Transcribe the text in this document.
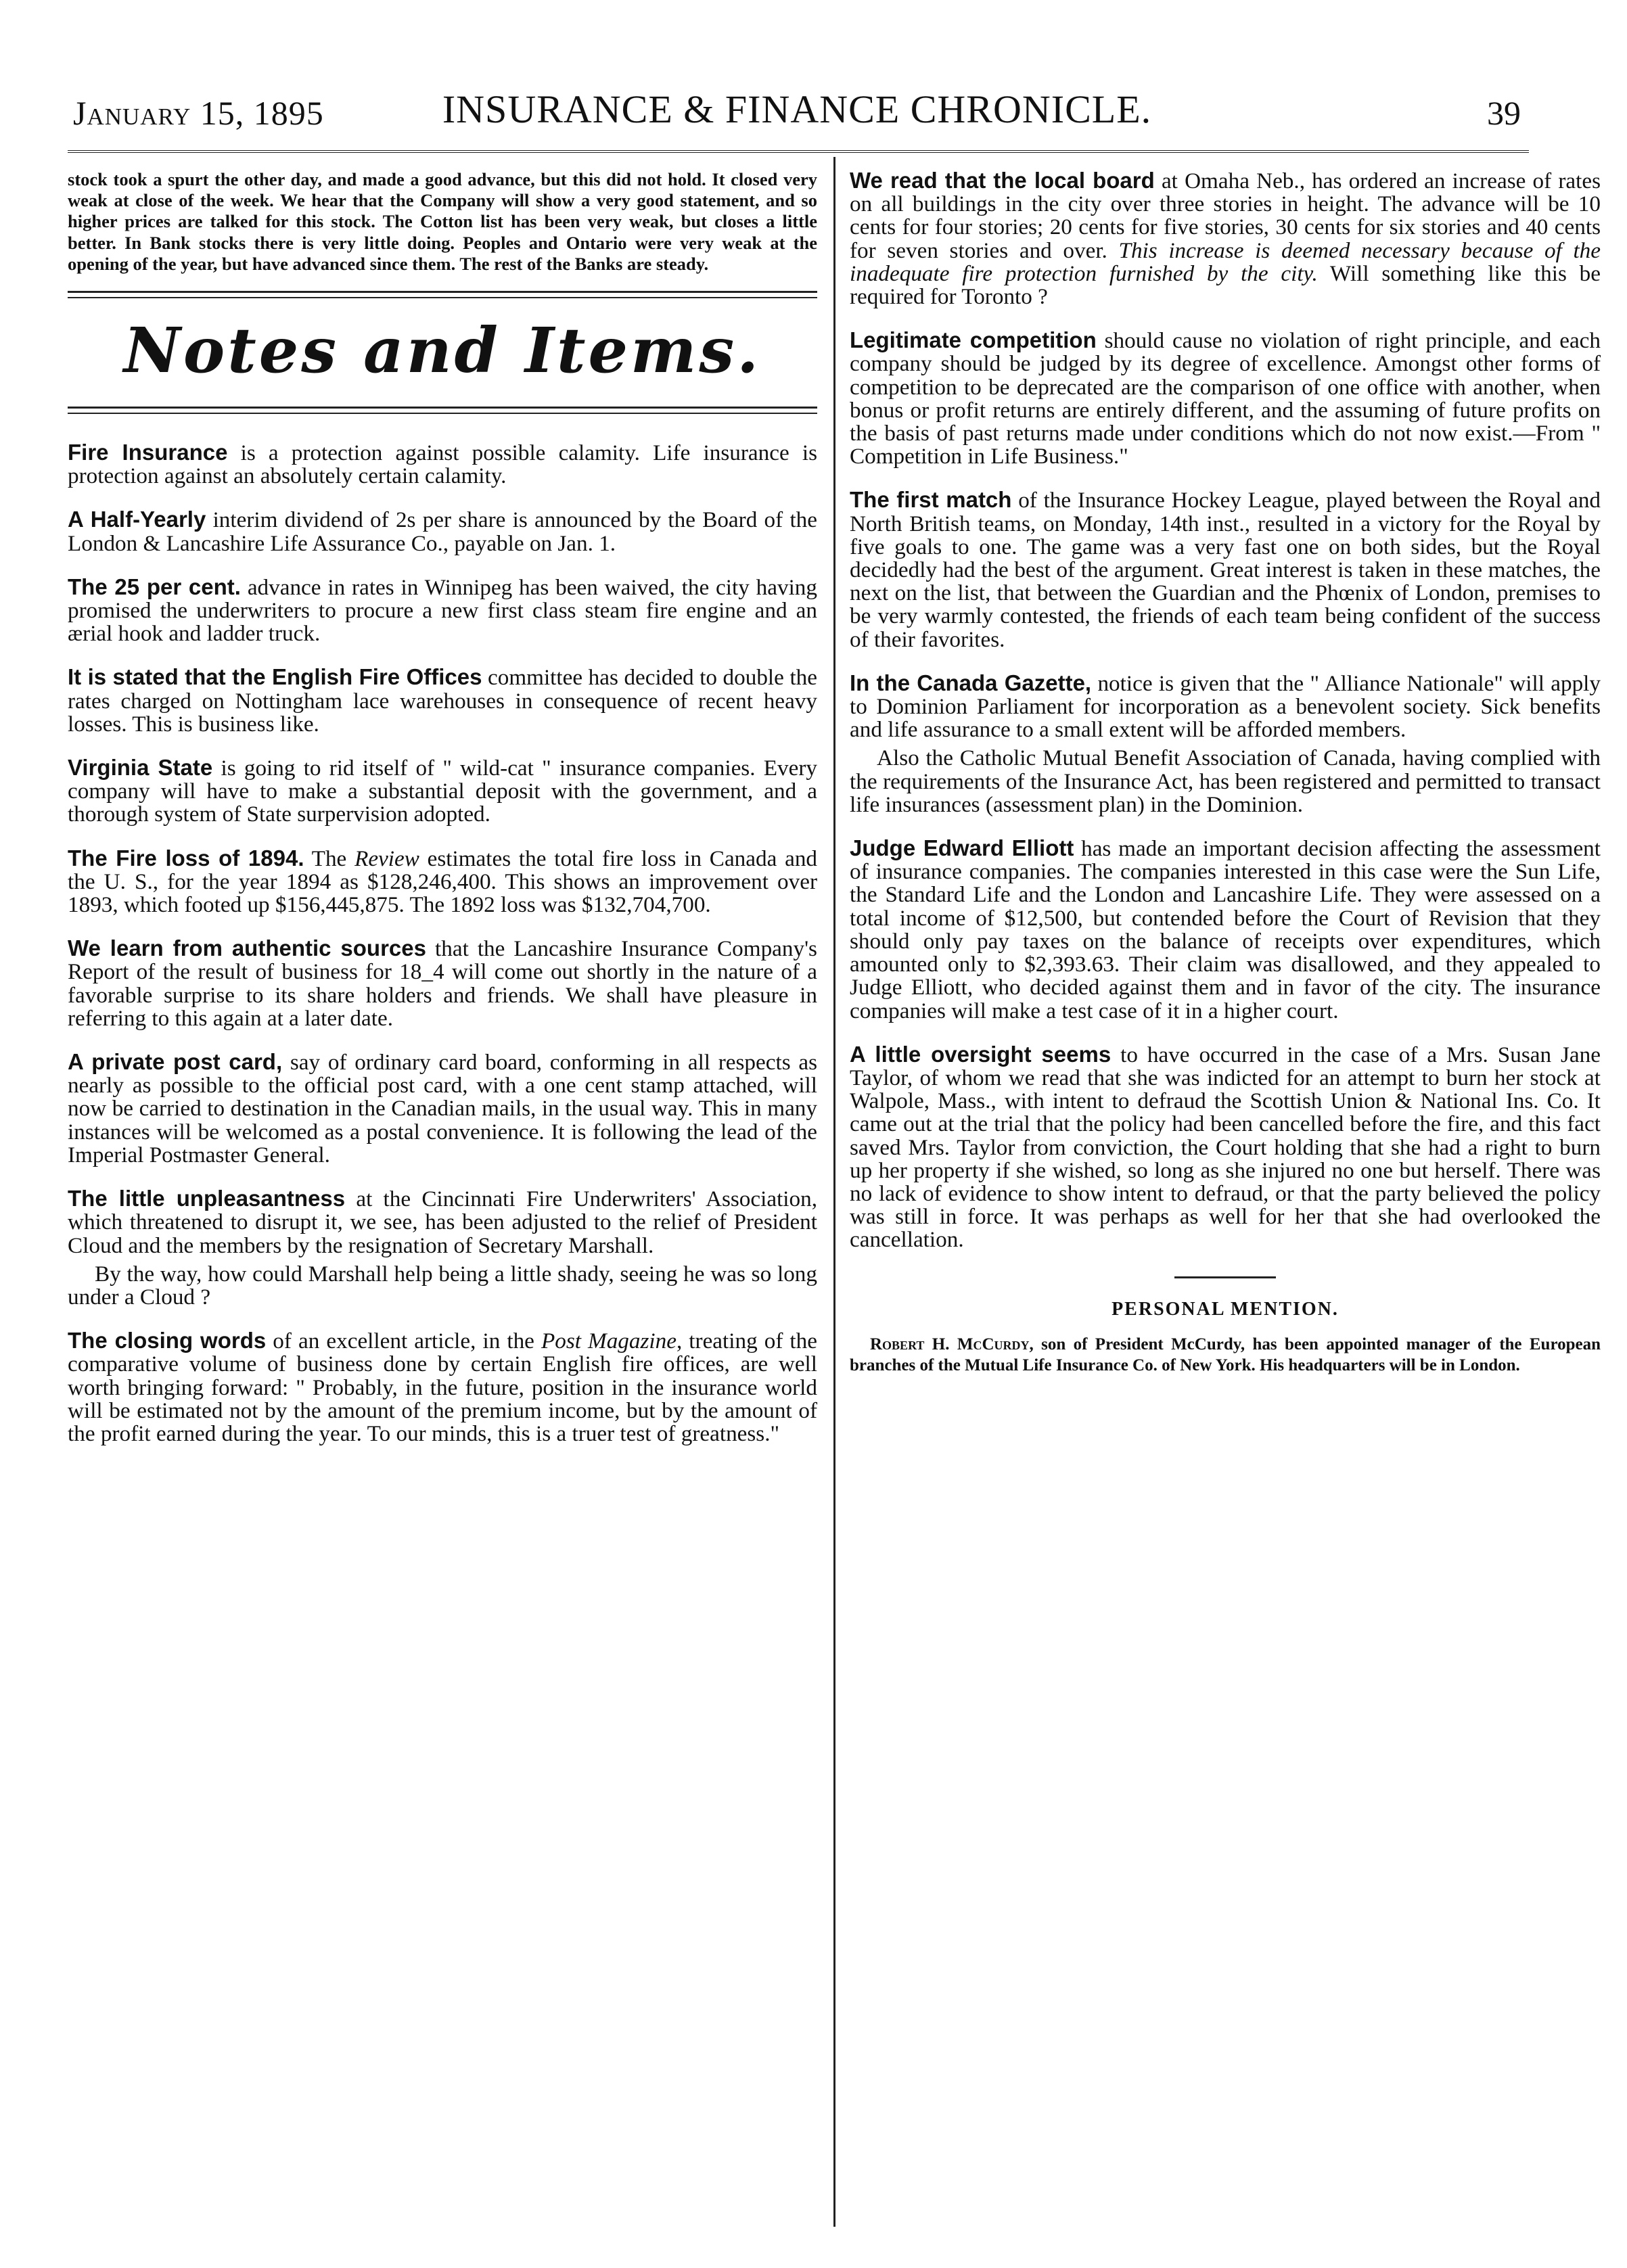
January 15, 1895	INSURANCE & FINANCE CHRONICLE.	39

stock took a spurt the other day, and made a good advance, but this did not hold. It closed very weak at close of the week. We hear that the Company will show a very good statement, and so higher prices are talked for this stock. The Cotton list has been very weak, but closes a little better. In Bank stocks there is very little doing. Peoples and Ontario were very weak at the opening of the year, but have advanced since them. The rest of the Banks are steady.

Notes and Items.

Fire Insurance is a protection against possible calamity. Life insurance is protection against an absolutely certain calamity.

A Half-Yearly interim dividend of 2s per share is announced by the Board of the London & Lancashire Life Assurance Co., payable on Jan. 1.

The 25 per cent. advance in rates in Winnipeg has been waived, the city having promised the underwriters to procure a new first class steam fire engine and an ærial hook and ladder truck.

It is stated that the English Fire Offices committee has decided to double the rates charged on Nottingham lace warehouses in consequence of recent heavy losses. This is business like.

Virginia State is going to rid itself of " wild-cat " insurance companies. Every company will have to make a substantial deposit with the government, and a thorough system of State surpervision adopted.

The Fire loss of 1894. The Review estimates the total fire loss in Canada and the U. S., for the year 1894 as $128,246,400. This shows an improvement over 1893, which footed up $156,445,875. The 1892 loss was $132,704,700.

We learn from authentic sources that the Lancashire Insurance Company's Report of the result of business for 18_4 will come out shortly in the nature of a favorable surprise to its share holders and friends. We shall have pleasure in referring to this again at a later date.

A private post card, say of ordinary card board, conforming in all respects as nearly as possible to the official post card, with a one cent stamp attached, will now be carried to destination in the Canadian mails, in the usual way. This in many instances will be welcomed as a postal convenience. It is following the lead of the Imperial Postmaster General.

The little unpleasantness at the Cincinnati Fire Underwriters' Association, which threatened to disrupt it, we see, has been adjusted to the relief of President Cloud and the members by the resignation of Secretary Marshall.

By the way, how could Marshall help being a little shady, seeing he was so long under a Cloud ?

The closing words of an excellent article, in the Post Magazine, treating of the comparative volume of business done by certain English fire offices, are well worth bringing forward: " Probably, in the future, position in the insurance world will be estimated not by the amount of the premium income, but by the amount of the profit earned during the year. To our minds, this is a truer test of greatness."

We read that the local board at Omaha Neb., has ordered an increase of rates on all buildings in the city over three stories in height. The advance will be 10 cents for four stories; 20 cents for five stories, 30 cents for six stories and 40 cents for seven stories and over. This increase is deemed necessary because of the inadequate fire protection furnished by the city. Will something like this be required for Toronto ?

Legitimate competition should cause no violation of right principle, and each company should be judged by its degree of excellence. Amongst other forms of competition to be deprecated are the comparison of one office with another, when bonus or profit returns are entirely different, and the assuming of future profits on the basis of past returns made under conditions which do not now exist.—From " Competition in Life Business."

The first match of the Insurance Hockey League, played between the Royal and North British teams, on Monday, 14th inst., resulted in a victory for the Royal by five goals to one. The game was a very fast one on both sides, but the Royal decidedly had the best of the argument. Great interest is taken in these matches, the next on the list, that between the Guardian and the Phœnix of London, premises to be very warmly contested, the friends of each team being confident of the success of their favorites.

In the Canada Gazette, notice is given that the " Alliance Nationale" will apply to Dominion Parliament for incorporation as a benevolent society. Sick benefits and life assurance to a small extent will be afforded members.

Also the Catholic Mutual Benefit Association of Canada, having complied with the requirements of the Insurance Act, has been registered and permitted to transact life insurances (assessment plan) in the Dominion.

Judge Edward Elliott has made an important decision affecting the assessment of insurance companies. The companies interested in this case were the Sun Life, the Standard Life and the London and Lancashire Life. They were assessed on a total income of $12,500, but contended before the Court of Revision that they should only pay taxes on the balance of receipts over expenditures, which amounted only to $2,393.63. Their claim was disallowed, and they appealed to Judge Elliott, who decided against them and in favor of the city. The insurance companies will make a test case of it in a higher court.

A little oversight seems to have occurred in the case of a Mrs. Susan Jane Taylor, of whom we read that she was indicted for an attempt to burn her stock at Walpole, Mass., with intent to defraud the Scottish Union & National Ins. Co. It came out at the trial that the policy had been cancelled before the fire, and this fact saved Mrs. Taylor from conviction, the Court holding that she had a right to burn up her property if she wished, so long as she injured no one but herself. There was no lack of evidence to show intent to defraud, or that the party believed the policy was still in force. It was perhaps as well for her that she had overlooked the cancellation.

PERSONAL MENTION.

Robert H. McCurdy, son of President McCurdy, has been appointed manager of the European branches of the Mutual Life Insurance Co. of New York. His headquarters will be in London.
